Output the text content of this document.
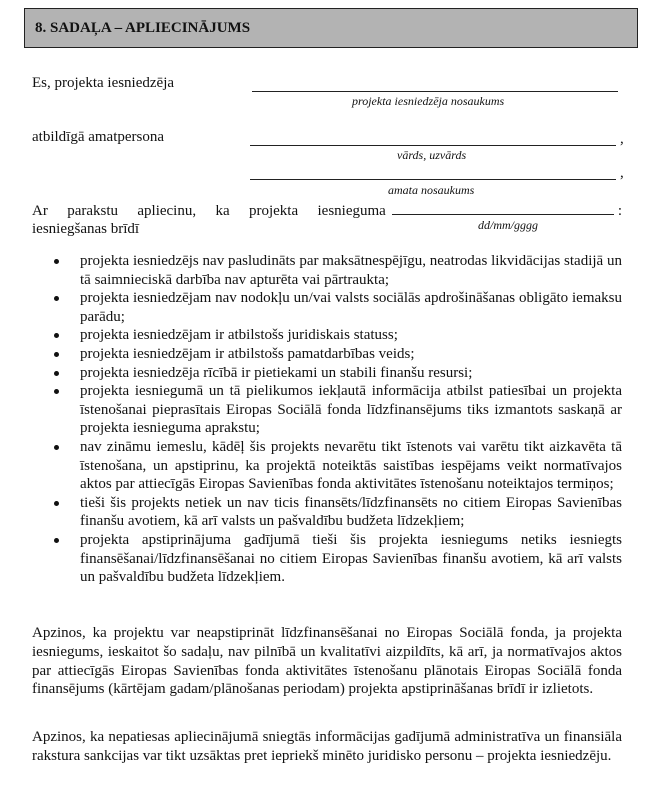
8. SADAĻA – APLIECINĀJUMS
Es, projekta iesniedzēja
projekta iesniedzēja nosaukums
atbildīgā amatpersona	,
vārds, uzvārds
,
amata nosaukums
Ar parakstu apliecinu, ka projekta iesnieguma	:
iesniegšanas brīdī	dd/mm/gggg
projekta iesniedzējs nav pasludināts par maksātnespējīgu, neatrodas likvidācijas stadijā un tā saimnieciskā darbība nav apturēta vai pārtraukta;
projekta iesniedzējam nav nodokļu un/vai valsts sociālās apdrošināšanas obligāto iemaksu parādu;
projekta iesniedzējam ir atbilstošs juridiskais statuss;
projekta iesniedzējam ir atbilstošs pamatdarbības veids;
projekta iesniedzēja rīcībā ir pietiekami un stabili finanšu resursi;
projekta iesniegumā un tā pielikumos iekļautā informācija atbilst patiesībai un projekta īstenošanai pieprasītais Eiropas Sociālā fonda līdzfinansējums tiks izmantots saskaņā ar projekta iesnieguma aprakstu;
nav zināmu iemeslu, kādēļ šis projekts nevarētu tikt īstenots vai varētu tikt aizkavēta tā īstenošana, un apstiprinu, ka projektā noteiktās saistības iespējams veikt normatīvajos aktos par attiecīgās Eiropas Savienības fonda aktivitātes īstenošanu noteiktajos termiņos;
tieši šis projekts netiek un nav ticis finansēts/līdzfinansēts no citiem Eiropas Savienības finanšu avotiem, kā arī valsts un pašvaldību budžeta līdzekļiem;
projekta apstiprinājuma gadījumā tieši šis projekta iesniegums netiks iesniegts finansēšanai/līdzfinansēšanai no citiem Eiropas Savienības finanšu avotiem, kā arī valsts un pašvaldību budžeta līdzekļiem.
Apzinos, ka projektu var neapstiprināt līdzfinansēšanai no Eiropas Sociālā fonda, ja projekta iesniegums, ieskaitot šo sadaļu, nav pilnībā un kvalitatīvi aizpildīts, kā arī, ja normatīvajos aktos par attiecīgās Eiropas Savienības fonda aktivitātes īstenošanu plānotais Eiropas Sociālā fonda finansējums (kārtējam gadam/plānošanas periodam) projekta apstiprināšanas brīdī ir izlietots.
Apzinos, ka nepatiesas apliecinājumā sniegtās informācijas gadījumā administratīva un finansiāla rakstura sankcijas var tikt uzsāktas pret iepriekš minēto juridisko personu – projekta iesniedzēju.
